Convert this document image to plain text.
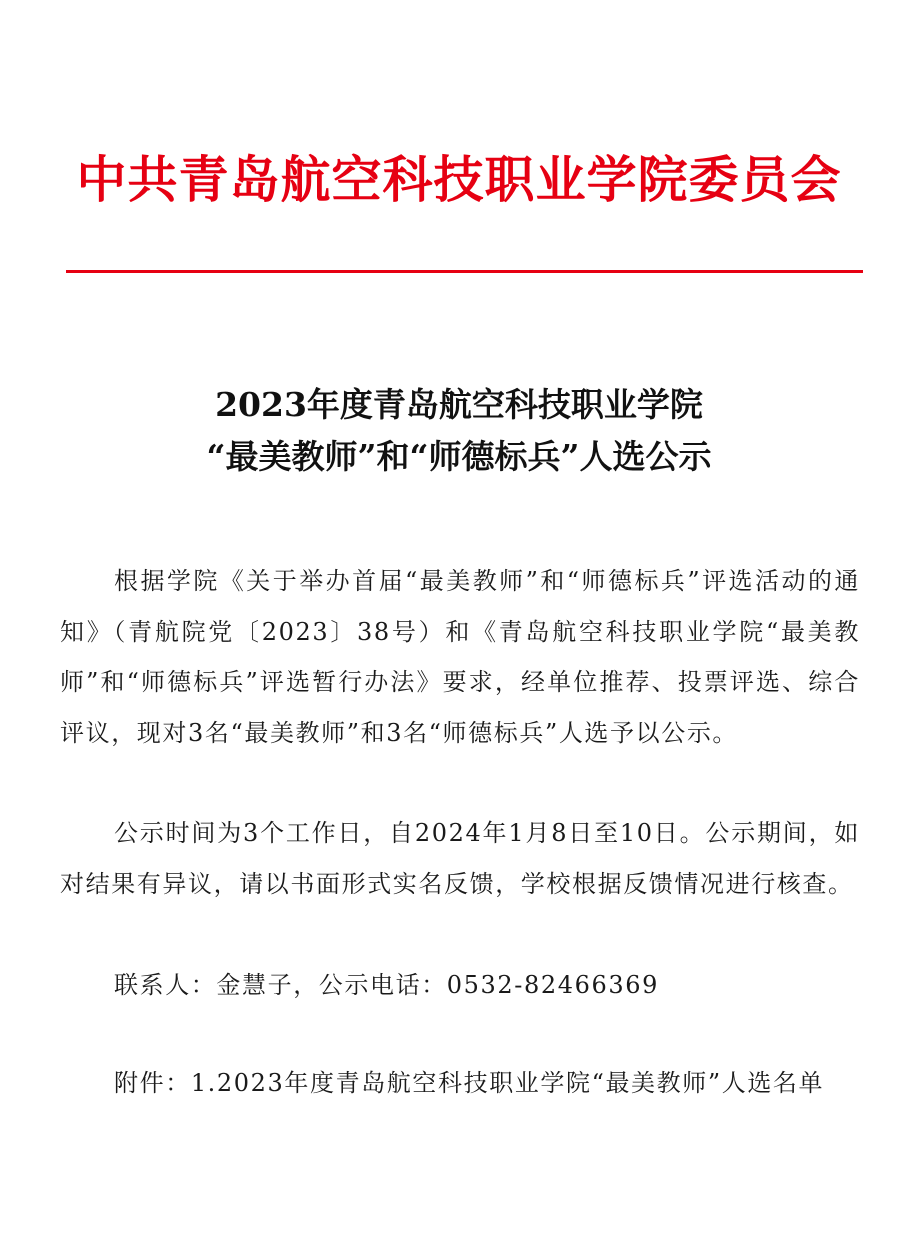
中共青岛航空科技职业学院委员会
2023年度青岛航空科技职业学院
“最美教师”和“师德标兵”人选公示
根据学院《关于举办首届“最美教师”和“师德标兵”评选活动的通知》（青航院党〔2023〕38号）和《青岛航空科技职业学院“最美教师”和“师德标兵”评选暂行办法》要求，经单位推荐、投票评选、综合评议，现对3名“最美教师”和3名“师德标兵”人选予以公示。
公示时间为3个工作日，自2024年1月8日至10日。公示期间，如对结果有异议，请以书面形式实名反馈，学校根据反馈情况进行核查。
联系人：金慧子，公示电话：0532-82466369
附件： 1.2023年度青岛航空科技职业学院“最美教师”人选名单
